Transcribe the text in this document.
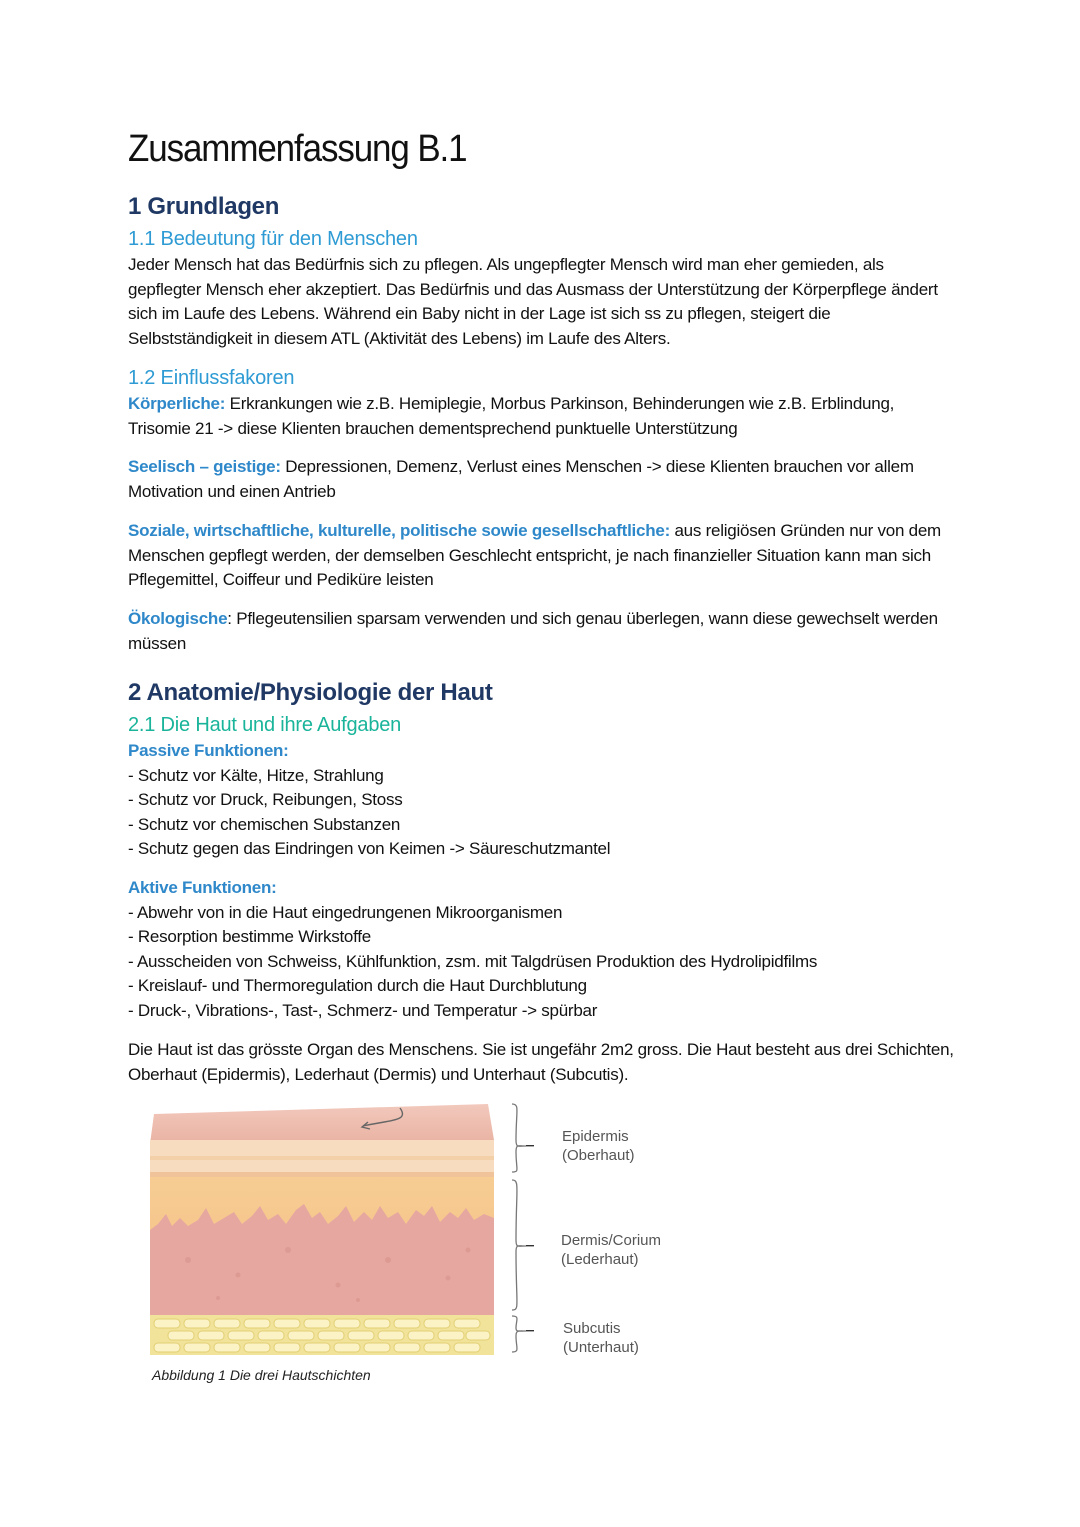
Zusammenfassung B.1
1 Grundlagen
1.1 Bedeutung für den Menschen
Jeder Mensch hat das Bedürfnis sich zu pflegen. Als ungepflegter Mensch wird man eher gemieden, als
gepflegter Mensch eher akzeptiert. Das Bedürfnis und das Ausmass der Unterstützung der Körperpflege ändert
sich im Laufe des Lebens. Während ein Baby nicht in der Lage ist sich ss zu pflegen, steigert die
Selbstständigkeit in diesem ATL (Aktivität des Lebens) im Laufe des Alters.
1.2 Einflussfakoren
Körperliche: Erkrankungen wie z.B. Hemiplegie, Morbus Parkinson, Behinderungen wie z.B. Erblindung,
Trisomie 21 -> diese Klienten brauchen dementsprechend punktuelle Unterstützung
Seelisch – geistige: Depressionen, Demenz, Verlust eines Menschen -> diese Klienten brauchen vor allem
Motivation und einen Antrieb
Soziale, wirtschaftliche, kulturelle, politische sowie gesellschaftliche: aus religiösen Gründen nur von dem
Menschen gepflegt werden, der demselben Geschlecht entspricht, je nach finanzieller Situation kann man sich
Pflegemittel, Coiffeur und Pediküre leisten
Ökologische: Pflegeutensilien sparsam verwenden und sich genau überlegen, wann diese gewechselt werden
müssen
2 Anatomie/Physiologie der Haut
2.1 Die Haut und ihre Aufgaben
Passive Funktionen:
- Schutz vor Kälte, Hitze, Strahlung
- Schutz vor Druck, Reibungen, Stoss
- Schutz vor chemischen Substanzen
- Schutz gegen das Eindringen von Keimen -> Säureschutzmantel
Aktive Funktionen:
- Abwehr von in die Haut eingedrungenen Mikroorganismen
- Resorption bestimme Wirkstoffe
- Ausscheiden von Schweiss, Kühlfunktion, zsm. mit Talgdrüsen Produktion des Hydrolipidfilms
- Kreislauf- und Thermoregulation durch die Haut Durchblutung
- Druck-, Vibrations-, Tast-, Schmerz- und Temperatur -> spürbar
Die Haut ist das grösste Organ des Menschens. Sie ist ungefähr 2m2 gross. Die Haut besteht aus drei Schichten,
Oberhaut (Epidermis), Lederhaut (Dermis) und Unterhaut (Subcutis).
Epidermis
(Oberhaut)
Dermis/Corium
(Lederhaut)
Subcutis
(Unterhaut)
Abbildung 1 Die drei Hautschichten
